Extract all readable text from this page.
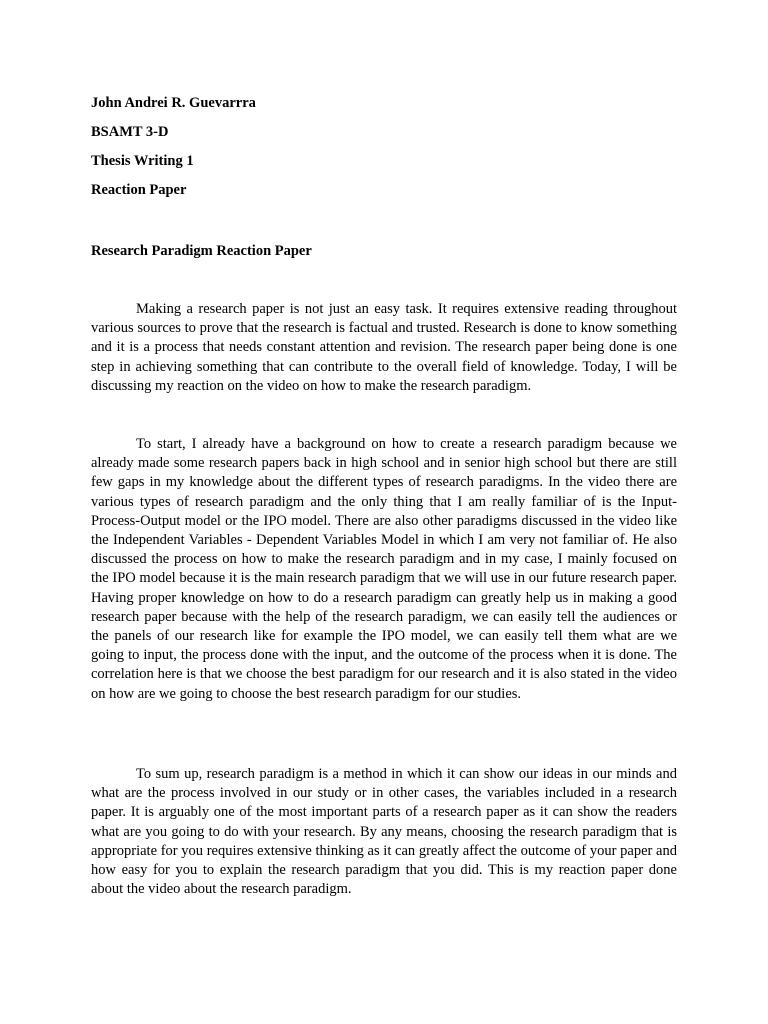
John Andrei R. Guevarrra
BSAMT 3-D
Thesis Writing 1
Reaction Paper
Research Paradigm Reaction Paper

Making a research paper is not just an easy task. It requires extensive reading throughout various sources to prove that the research is factual and trusted. Research is done to know something and it is a process that needs constant attention and revision. The research paper being done is one step in achieving something that can contribute to the overall field of knowledge. Today, I will be discussing my reaction on the video on how to make the research paradigm.

To start, I already have a background on how to create a research paradigm because we already made some research papers back in high school and in senior high school but there are still few gaps in my knowledge about the different types of research paradigms. In the video there are various types of research paradigm and the only thing that I am really familiar of is the Input-Process-Output model or the IPO model. There are also other paradigms discussed in the video like the Independent Variables - Dependent Variables Model in which I am very not familiar of. He also discussed the process on how to make the research paradigm and in my case, I mainly focused on the IPO model because it is the main research paradigm that we will use in our future research paper. Having proper knowledge on how to do a research paradigm can greatly help us in making a good research paper because with the help of the research paradigm, we can easily tell the audiences or the panels of our research like for example the IPO model, we can easily tell them what are we going to input, the process done with the input, and the outcome of the process when it is done. The correlation here is that we choose the best paradigm for our research and it is also stated in the video on how are we going to choose the best research paradigm for our studies.

To sum up, research paradigm is a method in which it can show our ideas in our minds and what are the process involved in our study or in other cases, the variables included in a research paper. It is arguably one of the most important parts of a research paper as it can show the readers what are you going to do with your research. By any means, choosing the research paradigm that is appropriate for you requires extensive thinking as it can greatly affect the outcome of your paper and how easy for you to explain the research paradigm that you did. This is my reaction paper done about the video about the research paradigm.
